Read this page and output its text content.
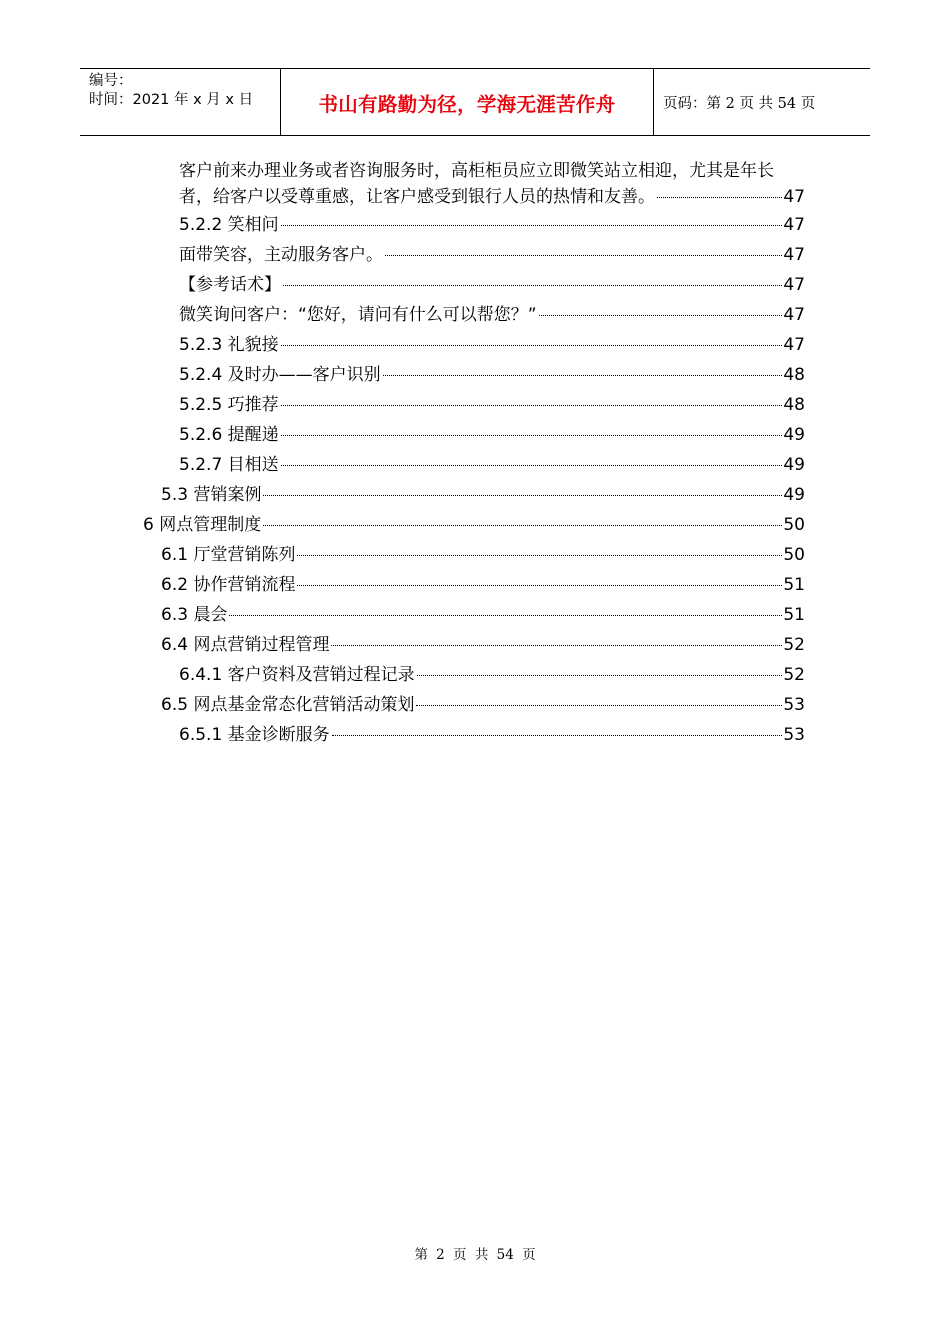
编号：
时间：2021 年 x 月 x 日	书山有路勤为径，学海无涯苦作舟	页码：第 2 页 共 54 页
客户前来办理业务或者咨询服务时，高柜柜员应立即微笑站立相迎，尤其是年长
者，给客户以受尊重感，让客户感受到银行人员的热情和友善。	47
5.2.2 笑相问	47
面带笑容，主动服务客户。	47
【参考话术】	47
微笑询问客户：“您好，请问有什么可以帮您？”	47
5.2.3 礼貌接	47
5.2.4 及时办——客户识别	48
5.2.5 巧推荐	48
5.2.6 提醒递	49
5.2.7 目相送	49
5.3 营销案例	49
6 网点管理制度	50
6.1 厅堂营销陈列	50
6.2 协作营销流程	51
6.3 晨会	51
6.4 网点营销过程管理	52
6.4.1 客户资料及营销过程记录	52
6.5 网点基金常态化营销活动策划	53
6.5.1 基金诊断服务	53
第 2 页 共 54 页
